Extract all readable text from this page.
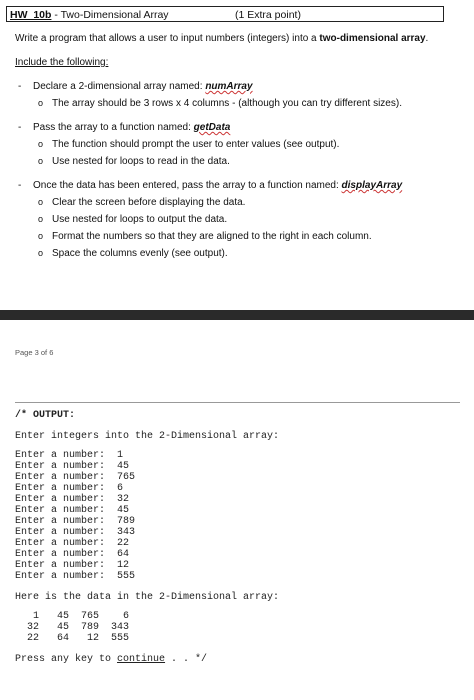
HW_10b - Two-Dimensional Array	(1 Extra point)
Write a program that allows a user to input numbers (integers) into a two-dimensional array.
Include the following:
- Declare a 2-dimensional array named: numArray
o The array should be 3 rows x 4 columns - (although you can try different sizes).
- Pass the array to a function named: getData
o The function should prompt the user to enter values (see output).
o Use nested for loops to read in the data.
- Once the data has been entered, pass the array to a function named: displayArray
o Clear the screen before displaying the data.
o Use nested for loops to output the data.
o Format the numbers so that they are aligned to the right in each column.
o Space the columns evenly (see output).
Page 3 of 6
/* OUTPUT:
Enter integers into the 2-Dimensional array:
Enter a number:  1
Enter a number:  45
Enter a number:  765
Enter a number:  6
Enter a number:  32
Enter a number:  45
Enter a number:  789
Enter a number:  343
Enter a number:  22
Enter a number:  64
Enter a number:  12
Enter a number:  555
Here is the data in the 2-Dimensional array:
1   45  765    6
32   45  789  343
22   64   12  555
Press any key to continue . . */
